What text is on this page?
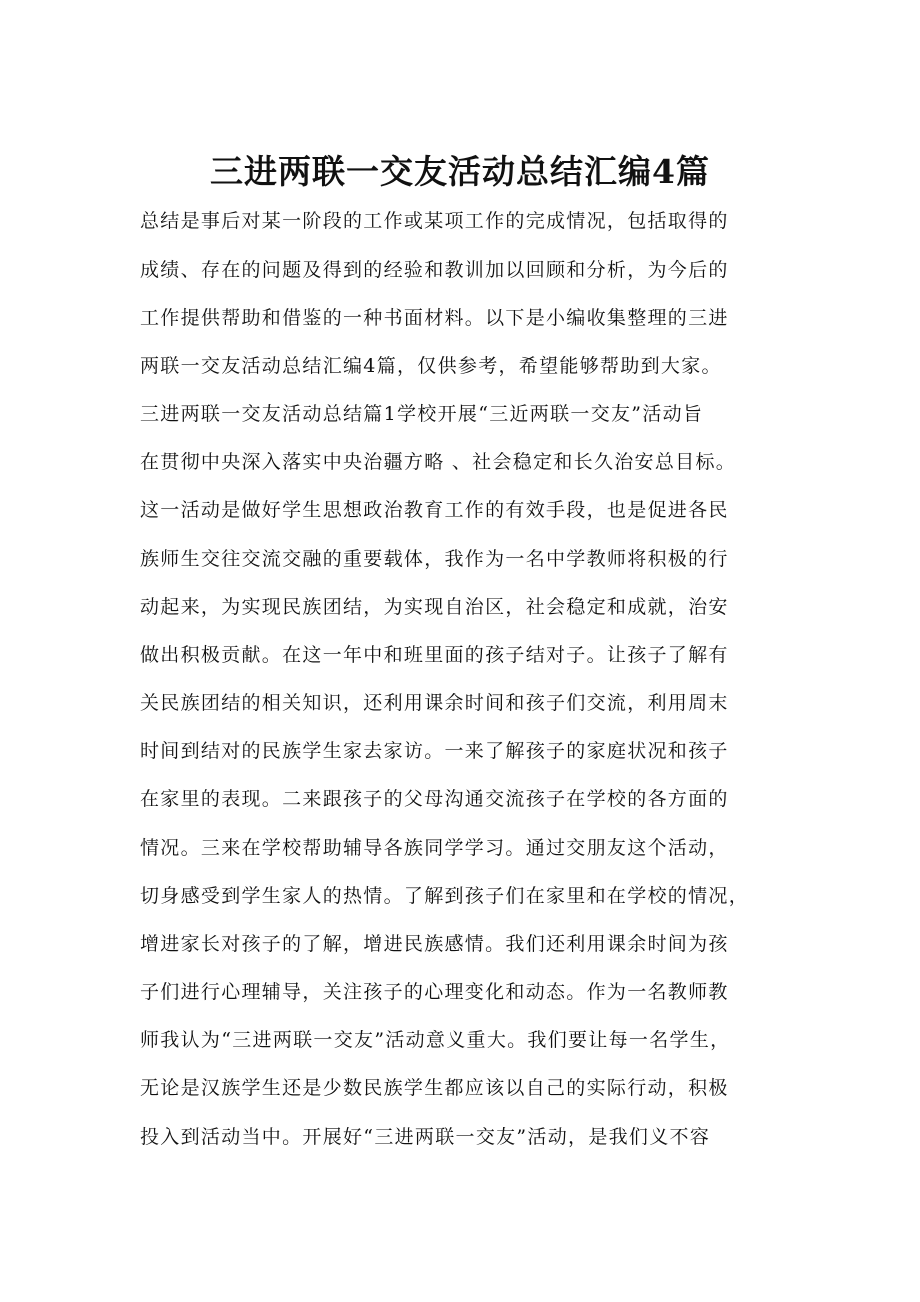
三进两联一交友活动总结汇编4篇
总结是事后对某一阶段的工作或某项工作的完成情况，包括取得的
成绩、存在的问题及得到的经验和教训加以回顾和分析，为今后的
工作提供帮助和借鉴的一种书面材料。以下是小编收集整理的三进
两联一交友活动总结汇编4篇，仅供参考，希望能够帮助到大家。
三进两联一交友活动总结篇1学校开展“三近两联一交友”活动旨
在贯彻中央深入落实中央治疆方略 、社会稳定和长久治安总目标。
这一活动是做好学生思想政治教育工作的有效手段，也是促进各民
族师生交往交流交融的重要载体，我作为一名中学教师将积极的行
动起来，为实现民族团结，为实现自治区，社会稳定和成就，治安
做出积极贡献。在这一年中和班里面的孩子结对子。让孩子了解有
关民族团结的相关知识，还利用课余时间和孩子们交流，利用周末
时间到结对的民族学生家去家访。一来了解孩子的家庭状况和孩子
在家里的表现。二来跟孩子的父母沟通交流孩子在学校的各方面的
情况。三来在学校帮助辅导各族同学学习。通过交朋友这个活动，
切身感受到学生家人的热情。了解到孩子们在家里和在学校的情况，
增进家长对孩子的了解，增进民族感情。我们还利用课余时间为孩
子们进行心理辅导，关注孩子的心理变化和动态。作为一名教师教
师我认为“三进两联一交友”活动意义重大。我们要让每一名学生，
无论是汉族学生还是少数民族学生都应该以自己的实际行动，积极
投入到活动当中。开展好“三进两联一交友”活动，是我们义不容
